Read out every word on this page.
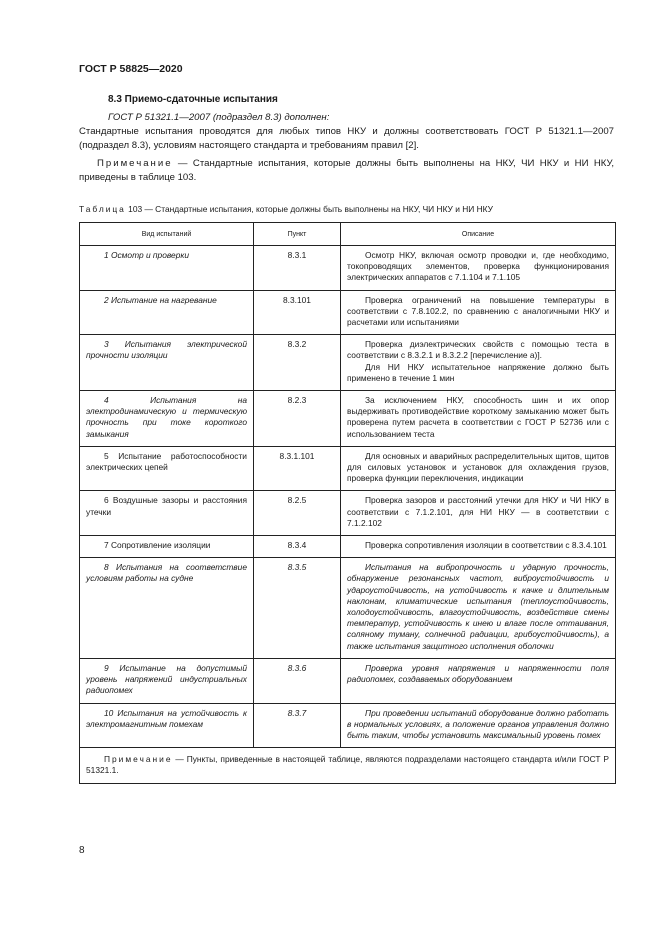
ГОСТ Р 58825—2020
8.3 Приемо-сдаточные испытания
ГОСТ Р 51321.1—2007 (подраздел 8.3) дополнен:
Стандартные испытания проводятся для любых типов НКУ и должны соответствовать ГОСТ Р 51321.1—2007 (подраздел 8.3), условиям настоящего стандарта и требованиям правил [2].
Примечание — Стандартные испытания, которые должны быть выполнены на НКУ, ЧИ НКУ и НИ НКУ, приведены в таблице 103.
Таблица 103 — Стандартные испытания, которые должны быть выполнены на НКУ, ЧИ НКУ и НИ НКУ
Вид испытаний	Пункт	Описание
1 Осмотр и проверки	8.3.1	Осмотр НКУ, включая осмотр проводки и, где необходимо, токопроводящих элементов, проверка функционирования электрических аппаратов с 7.1.104 и 7.1.105
2 Испытание на нагревание	8.3.101	Проверка ограничений на повышение температуры в соответствии с 7.8.102.2, по сравнению с аналогичными НКУ и расчетами или испытаниями
3 Испытания электрической прочности изоляции	8.3.2	Проверка диэлектрических свойств с помощью теста в соответствии с 8.3.2.1 и 8.3.2.2 [перечисление а)].
Для НИ НКУ испытательное напряжение должно быть применено в течение 1 мин
4 Испытания на электродинамическую и термическую прочность при токе короткого замыкания	8.2.3	За исключением НКУ, способность шин и их опор выдерживать противодействие короткому замыканию может быть проверена путем расчета в соответствии с ГОСТ Р 52736 или с использованием теста
5 Испытание работоспособности электрических цепей	8.3.1.101	Для основных и аварийных распределительных щитов, щитов для силовых установок и установок для охлаждения грузов, проверка функции переключения, индикации
6 Воздушные зазоры и расстояния утечки	8.2.5	Проверка зазоров и расстояний утечки для НКУ и ЧИ НКУ в соответствии с 7.1.2.101, для НИ НКУ — в соответствии с 7.1.2.102
7 Сопротивление изоляции	8.3.4	Проверка сопротивления изоляции в соответствии с 8.3.4.101
8 Испытания на соответствие условиям работы на судне	8.3.5	Испытания на вибропрочность и ударную прочность, обнаружение резонансных частот, виброустойчивость и удароустойчивость, на устойчивость к качке и длительным наклонам, климатические испытания (теплоустойчивость, холодоустойчивость, влагоустойчивость, воздействие смены температур, устойчивость к инею и влаге после оттаивания, соляному туману, солнечной радиации, грибоустойчивость), а также испытания защитного исполнения оболочки
9 Испытание на допустимый уровень напряжений индустриальных радиопомех	8.3.6	Проверка уровня напряжения и напряженности поля радиопомех, создаваемых оборудованием
10 Испытания на устойчивость к электромагнитным помехам	8.3.7	При проведении испытаний оборудование должно работать в нормальных условиях, а положение органов управления должно быть таким, чтобы установить максимальный уровень помех
Примечание — Пункты, приведенные в настоящей таблице, являются подразделами настоящего стандарта и/или ГОСТ Р 51321.1.		
8
